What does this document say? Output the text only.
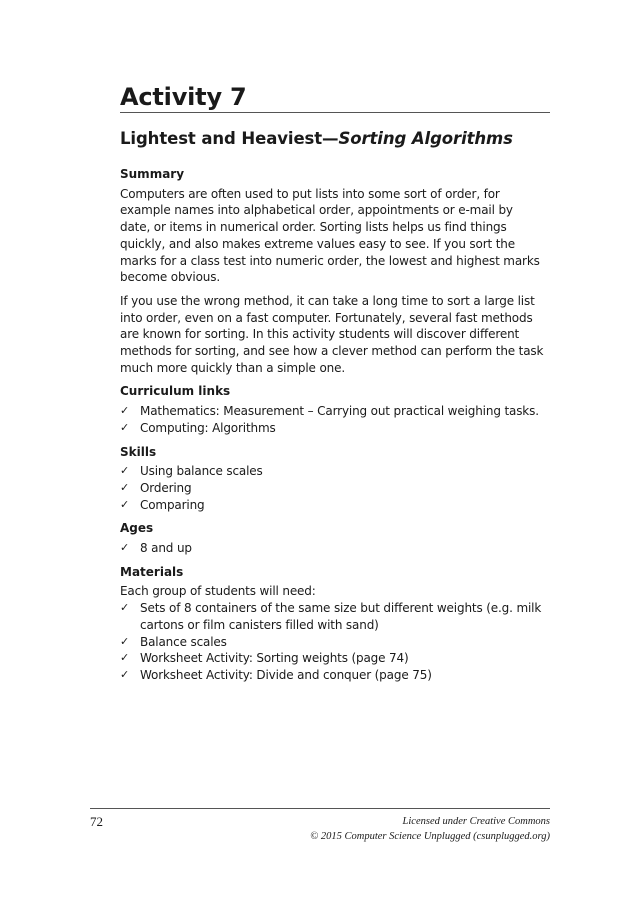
Activity 7
Lightest and Heaviest—Sorting Algorithms
Summary

Computers are often used to put lists into some sort of order, for example names into alphabetical order, appointments or e-mail by date, or items in numerical order. Sorting lists helps us find things quickly, and also makes extreme values easy to see. If you sort the marks for a class test into numeric order, the lowest and highest marks become obvious.

If you use the wrong method, it can take a long time to sort a large list into order, even on a fast computer. Fortunately, several fast methods are known for sorting. In this activity students will discover different methods for sorting, and see how a clever method can perform the task much more quickly than a simple one.

Curriculum links
✓ Mathematics: Measurement – Carrying out practical weighing tasks.
✓ Computing: Algorithms
Skills
✓ Using balance scales
✓ Ordering
✓ Comparing
Ages
✓ 8 and up
Materials
Each group of students will need:
✓ Sets of 8 containers of the same size but different weights (e.g. milk cartons or film canisters filled with sand)
✓ Balance scales
✓ Worksheet Activity: Sorting weights (page 74)
✓ Worksheet Activity: Divide and conquer (page 75)
72	Licensed under Creative Commons
© 2015 Computer Science Unplugged (csunplugged.org)
